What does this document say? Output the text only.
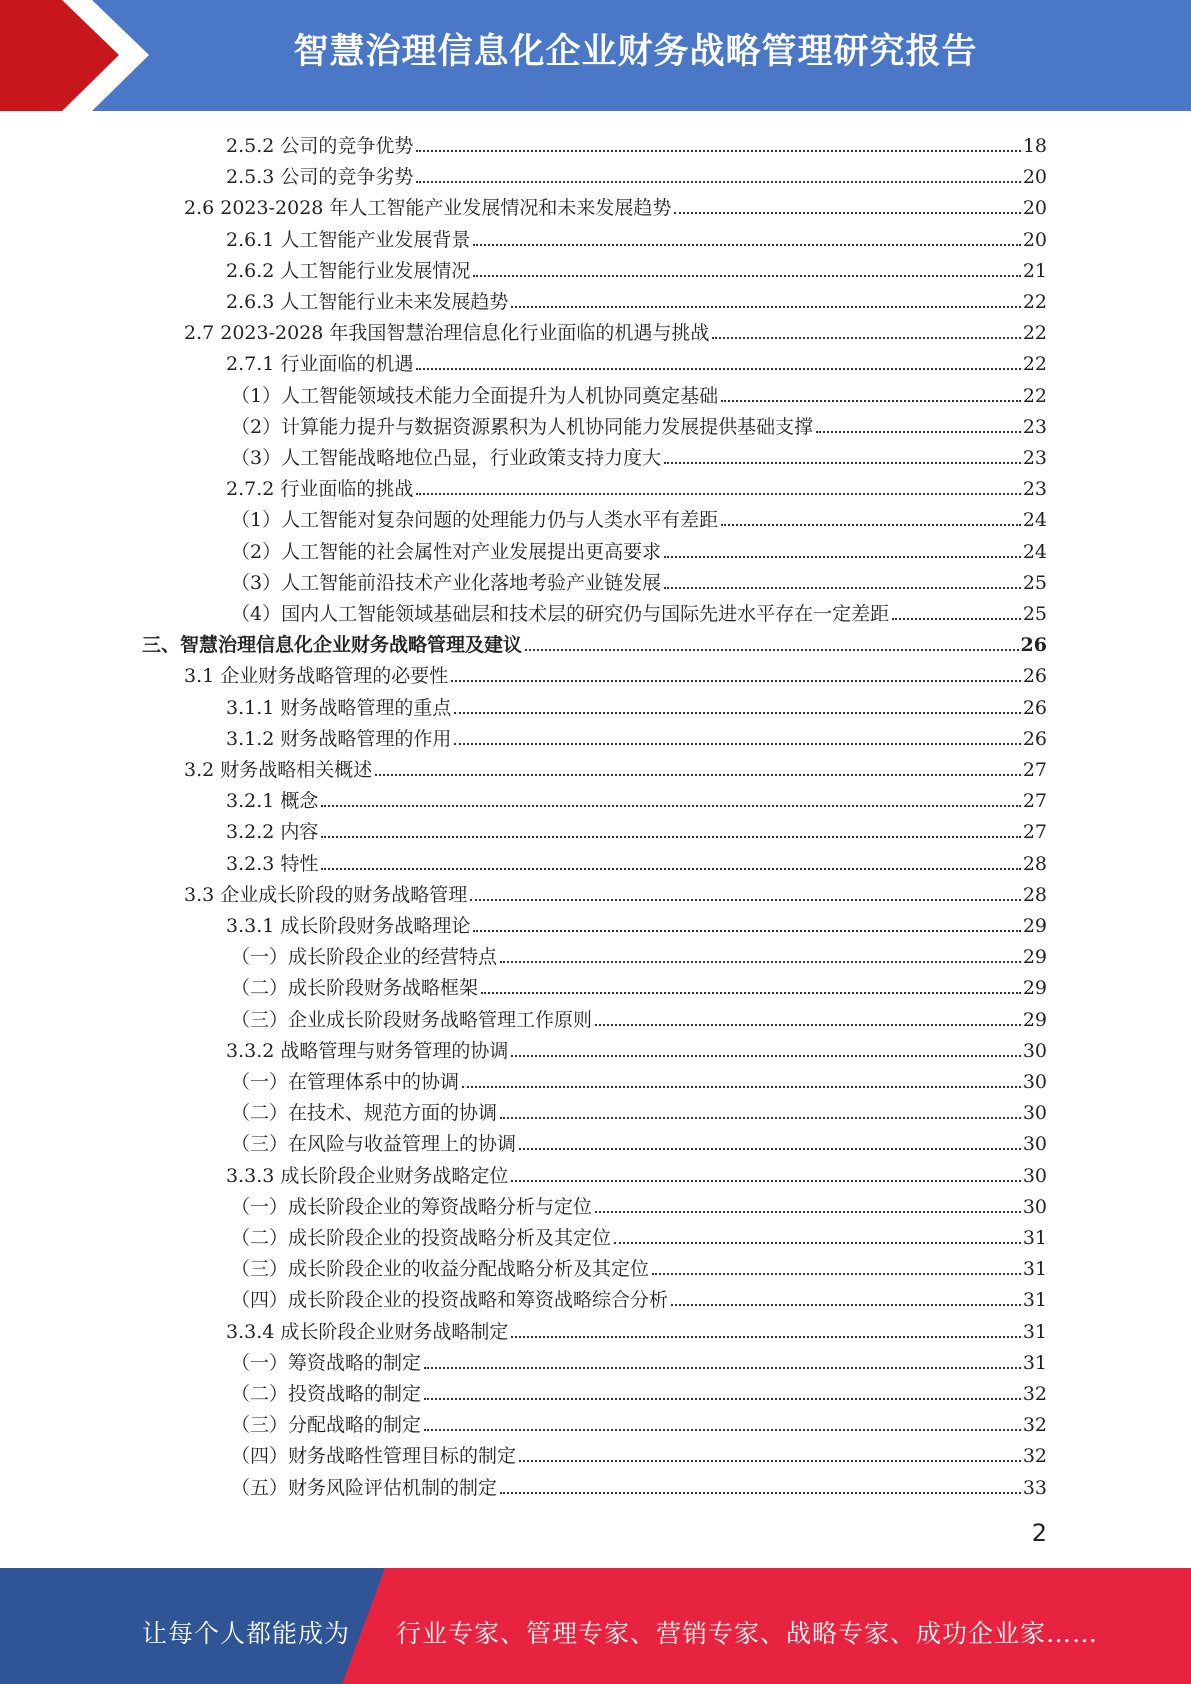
智慧治理信息化企业财务战略管理研究报告
2.5.2 公司的竞争优势	18
2.5.3 公司的竞争劣势	20
2.6 2023-2028 年人工智能产业发展情况和未来发展趋势	20
2.6.1 人工智能产业发展背景	20
2.6.2 人工智能行业发展情况	21
2.6.3 人工智能行业未来发展趋势	22
2.7 2023-2028 年我国智慧治理信息化行业面临的机遇与挑战	22
2.7.1 行业面临的机遇	22
（1）人工智能领域技术能力全面提升为人机协同奠定基础	22
（2）计算能力提升与数据资源累积为人机协同能力发展提供基础支撑	23
（3）人工智能战略地位凸显，行业政策支持力度大	23
2.7.2 行业面临的挑战	23
（1）人工智能对复杂问题的处理能力仍与人类水平有差距	24
（2）人工智能的社会属性对产业发展提出更高要求	24
（3）人工智能前沿技术产业化落地考验产业链发展	25
（4）国内人工智能领域基础层和技术层的研究仍与国际先进水平存在一定差距	25
三、智慧治理信息化企业财务战略管理及建议	26
3.1 企业财务战略管理的必要性	26
3.1.1 财务战略管理的重点	26
3.1.2 财务战略管理的作用	26
3.2 财务战略相关概述	27
3.2.1 概念	27
3.2.2 内容	27
3.2.3 特性	28
3.3 企业成长阶段的财务战略管理	28
3.3.1 成长阶段财务战略理论	29
（一）成长阶段企业的经营特点	29
（二）成长阶段财务战略框架	29
（三）企业成长阶段财务战略管理工作原则	29
3.3.2 战略管理与财务管理的协调	30
（一）在管理体系中的协调	30
（二）在技术、规范方面的协调	30
（三）在风险与收益管理上的协调	30
3.3.3 成长阶段企业财务战略定位	30
（一）成长阶段企业的筹资战略分析与定位	30
（二）成长阶段企业的投资战略分析及其定位	31
（三）成长阶段企业的收益分配战略分析及其定位	31
（四）成长阶段企业的投资战略和筹资战略综合分析	31
3.3.4 成长阶段企业财务战略制定	31
（一）筹资战略的制定	31
（二）投资战略的制定	32
（三）分配战略的制定	32
（四）财务战略性管理目标的制定	32
（五）财务风险评估机制的制定	33
2
让每个人都能成为 行业专家、管理专家、营销专家、战略专家、成功企业家……
